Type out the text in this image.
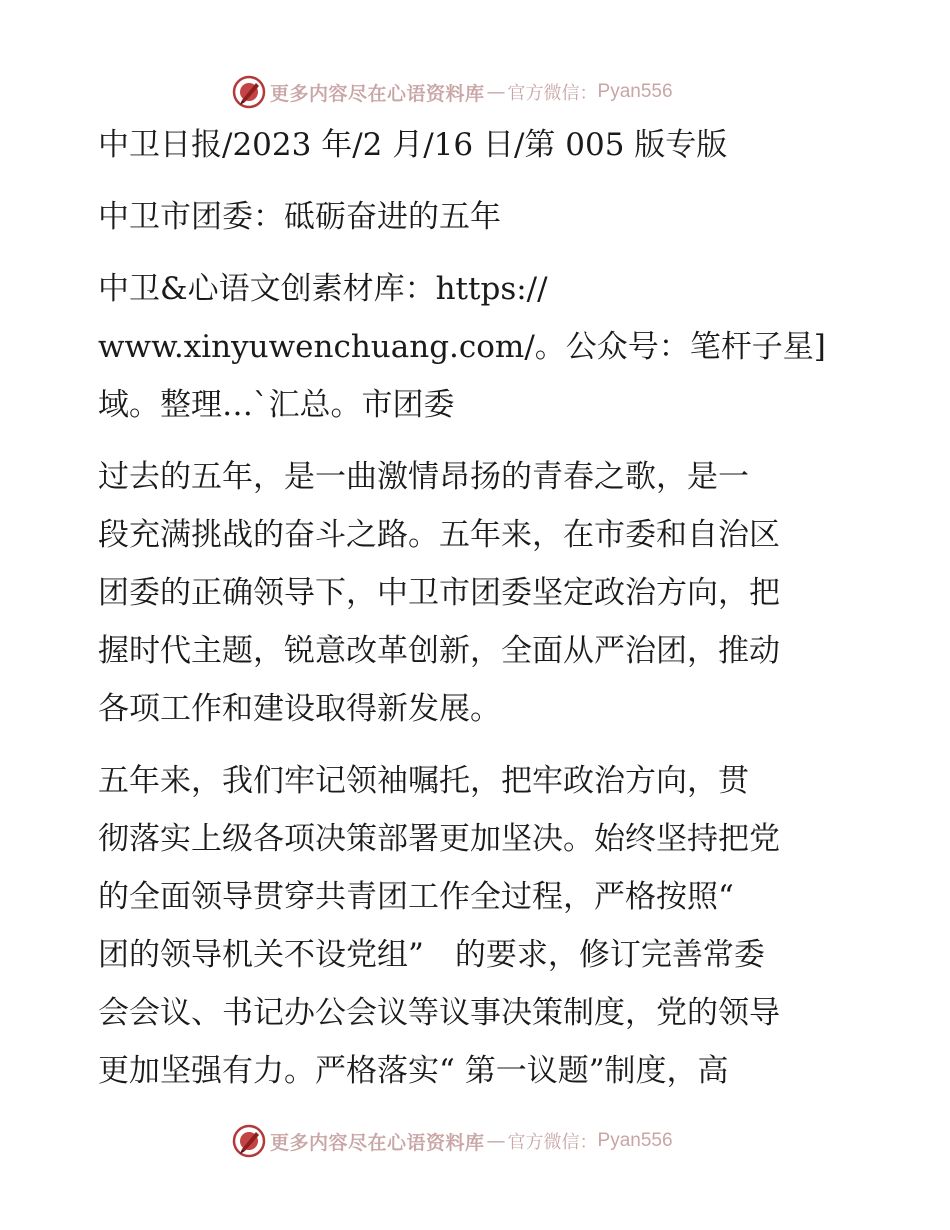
更多内容尽在心语资料库 — 官方微信： Pyan556

中卫日报/2023 年/2 月/16 日/第 005 版专版

中卫市团委：砥砺奋进的五年

中卫&心语文创素材库：https://

www.xinyuwenchuang.com/。公众号：笔杆子星]

域。整理…`汇总。市团委

过去的五年，是一曲激情昂扬的青春之歌，是一

段充满挑战的奋斗之路。五年来，在市委和自治区

团委的正确领导下，中卫市团委坚定政治方向，把

握时代主题，锐意改革创新，全面从严治团，推动

各项工作和建设取得新发展。

五年来，我们牢记领袖嘱托，把牢政治方向，贯

彻落实上级各项决策部署更加坚决。始终坚持把党

的全面领导贯穿共青团工作全过程，严格按照“

团的领导机关不设党组”　的要求，修订完善常委

会会议、书记办公会议等议事决策制度，党的领导

更加坚强有力。严格落实“ 第一议题”制度，高

更多内容尽在心语资料库 — 官方微信： Pyan556
